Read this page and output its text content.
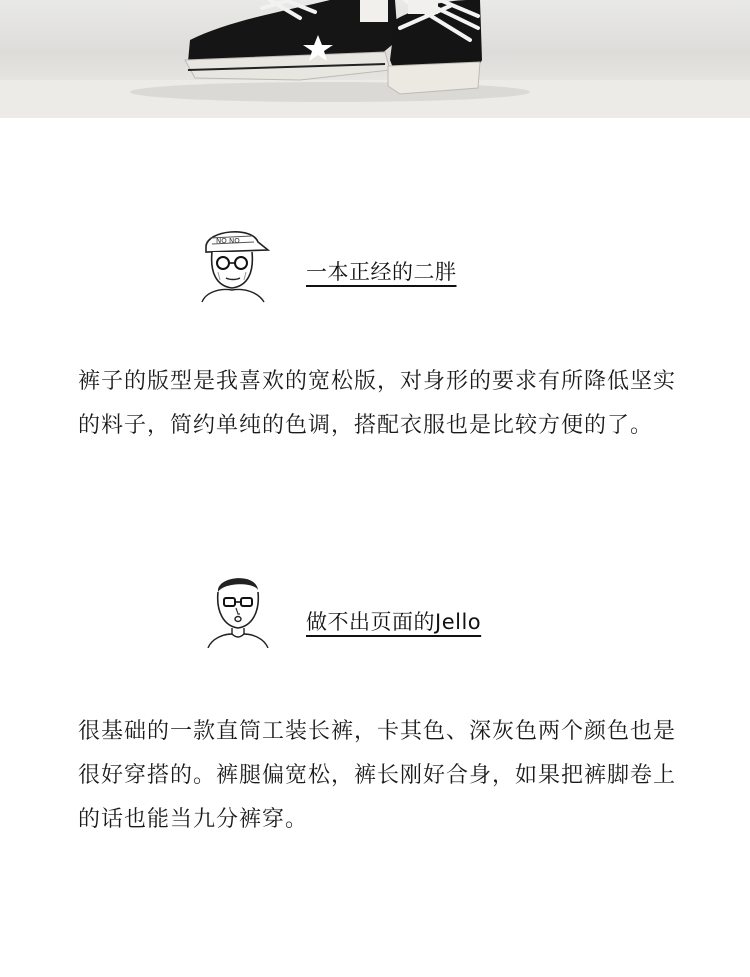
NO NO
一本正经的二胖

裤子的版型是我喜欢的宽松版，对身形的要求有所降低坚实的料子，简约单纯的色调，搭配衣服也是比较方便的了。

做不出页面的Jello

很基础的一款直筒工装长裤，卡其色、深灰色两个颜色也是很好穿搭的。裤腿偏宽松，裤长刚好合身，如果把裤脚卷上的话也能当九分裤穿。
